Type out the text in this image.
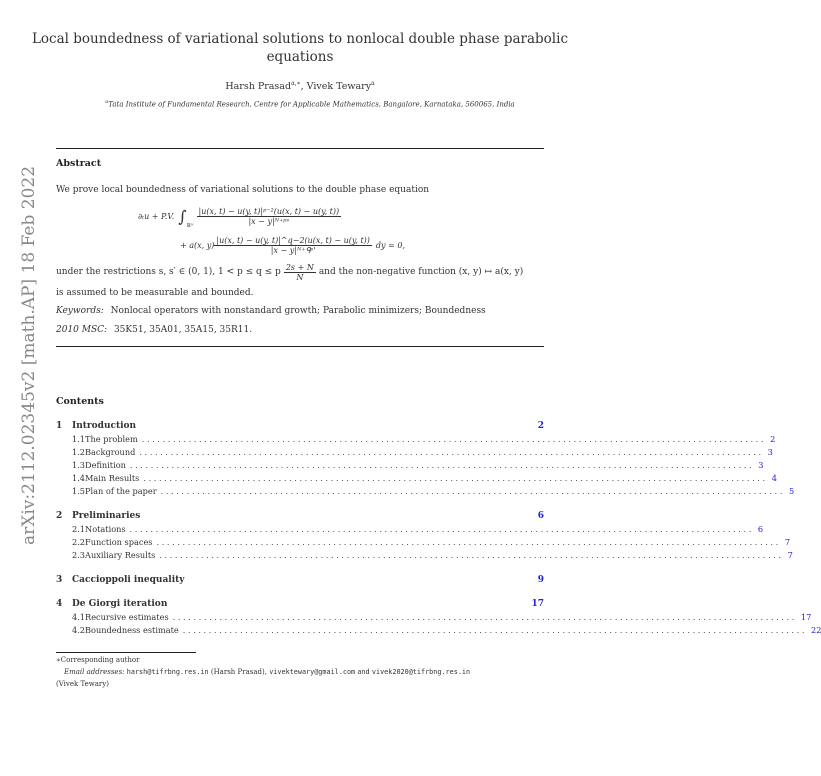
arXiv:2112.02345v2 [math.AP] 18 Feb 2022
Local boundedness of variational solutions to nonlocal double phase parabolic
equations
Harsh Prasad$^{a,∗}$, Vivek Tewary$^a$
$^a$Tata Institute of Fundamental Research, Centre for Applicable Mathematics, Bangalore, Karnataka, 560065, India
Abstract
We prove local boundedness of variational solutions to the double phase equation
∂ₜu + P.V. ∫
ℝᴺ
$\frac{\text{|u(x, t) − u(y, t)|ᵖ⁻²(u(x, t) − u(y, t))}}{\text{|x − y|ᴺ⁺ᵖˢ}}$
+ a(x, $y) \frac{|u(x, t) - u(y, t)|\^{}q-2(u(x, t) - u(y, t))}{\text{|x − y|ᴺ⁺ᑫˢ'}}$ dy = 0,
under the restrictions s, s′ ∈ (0, 1), 1 < p ≤ q ≤ p $\frac{2s + N}{N}$ and the non-negative function (x, y) ↦ a(x, y)
is assumed to be measurable and bounded.
Keywords: Nonlocal operators with nonstandard growth; Parabolic minimizers; Boundedness
2010 MSC: 35K51, 35A01, 35A15, 35R11.
Contents
1	Introduction	2
1.1 The problem ........................................................................................................................ 2
1.2 Background ........................................................................................................................ 3
1.3 Definition ........................................................................................................................ 3
1.4 Main Results ........................................................................................................................ 4
1.5 Plan of the paper ........................................................................................................................ 5
2	Preliminaries	6
2.1 Notations ........................................................................................................................ 6
2.2 Function spaces ........................................................................................................................ 7
2.3 Auxiliary Results ........................................................................................................................ 7
3	Caccioppoli inequality	9
4	De Giorgi iteration	17
4.1 Recursive estimates ........................................................................................................................ 17
4.2 Boundedness estimate ........................................................................................................................ 22
∗Corresponding author
Email addresses: harsh@tifrbng.res.in (Harsh Prasad), vivektewary@gmail.com and vivek2020@tifrbng.res.in
(Vivek Tewary)
